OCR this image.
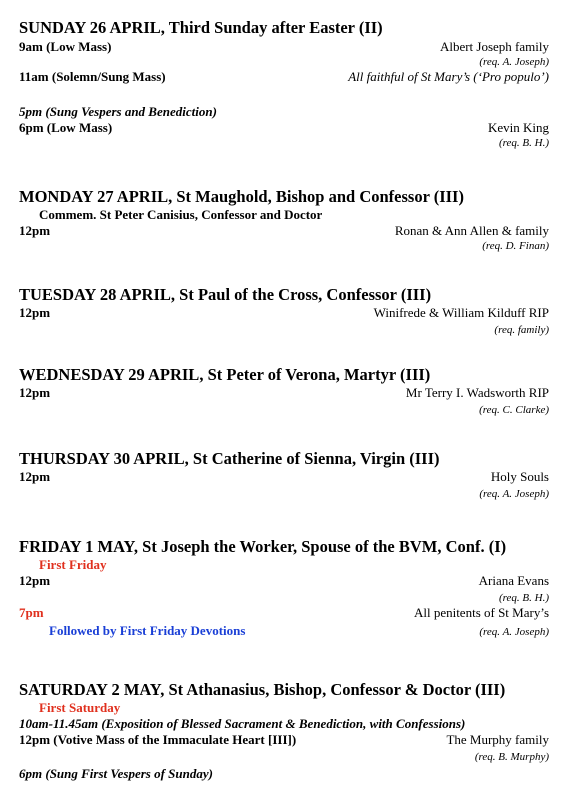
SUNDAY 26 APRIL, Third Sunday after Easter (II)
9am (Low Mass)	Albert Joseph family
(req. A. Joseph)
11am (Solemn/Sung Mass)	All faithful of St Mary’s (‘Pro populo’)
5pm (Sung Vespers and Benediction)
6pm (Low Mass)	Kevin King
(req. B. H.)
MONDAY 27 APRIL, St Maughold, Bishop and Confessor (III)
Commem. St Peter Canisius, Confessor and Doctor
12pm	Ronan & Ann Allen & family
(req. D. Finan)
TUESDAY 28 APRIL, St Paul of the Cross, Confessor (III)
12pm	Winifrede & William Kilduff RIP
(req. family)
WEDNESDAY 29 APRIL, St Peter of Verona, Martyr (III)
12pm	Mr Terry I. Wadsworth RIP
(req. C. Clarke)
THURSDAY 30 APRIL, St Catherine of Sienna, Virgin (III)
12pm	Holy Souls
(req. A. Joseph)
FRIDAY 1 MAY, St Joseph the Worker, Spouse of the BVM, Conf. (I)
First Friday
12pm	Ariana Evans
(req. B. H.)
7pm	All penitents of St Mary’s
Followed by First Friday Devotions	(req. A. Joseph)
SATURDAY 2 MAY, St Athanasius, Bishop, Confessor & Doctor (III)
First Saturday
10am-11.45am (Exposition of Blessed Sacrament & Benediction, with Confessions)
12pm (Votive Mass of the Immaculate Heart [III])	The Murphy family
(req. B. Murphy)
6pm (Sung First Vespers of Sunday)
